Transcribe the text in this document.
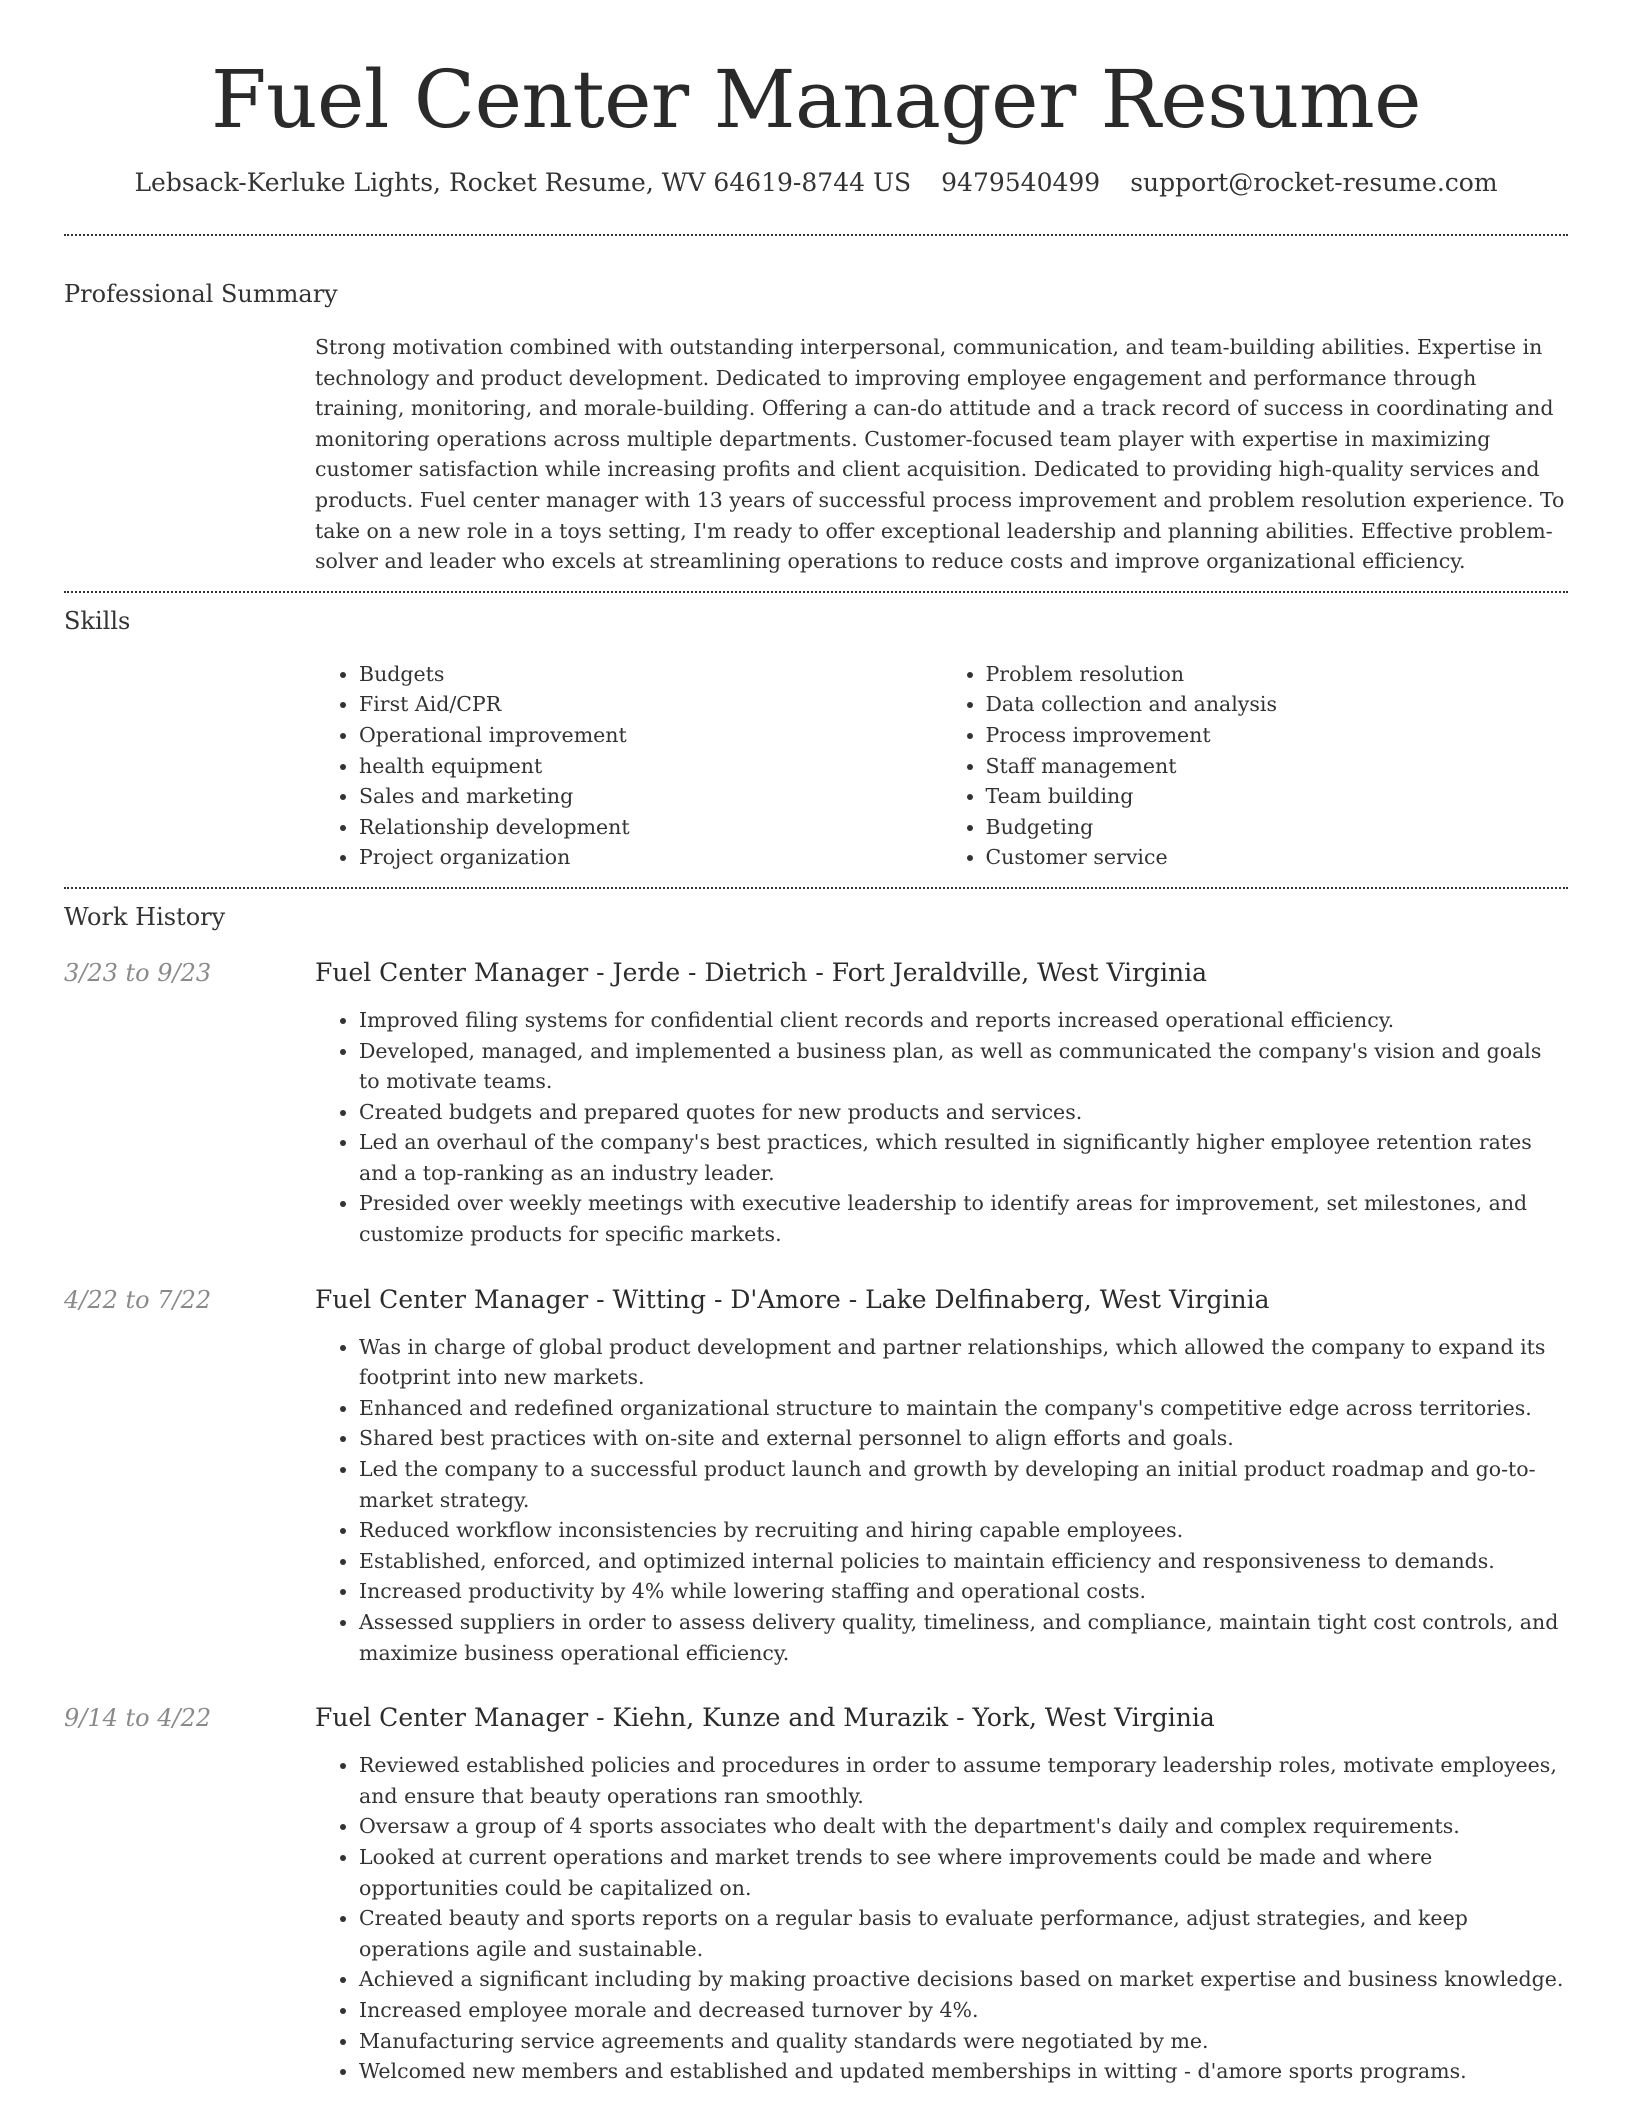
Fuel Center Manager Resume
Lebsack-Kerluke Lights, Rocket Resume, WV 64619-8744 US 9479540499 support@rocket-resume.com
Professional Summary
Strong motivation combined with outstanding interpersonal, communication, and team-building abilities. Expertise in technology and product development. Dedicated to improving employee engagement and performance through training, monitoring, and morale-building. Offering a can-do attitude and a track record of success in coordinating and monitoring operations across multiple departments. Customer-focused team player with expertise in maximizing customer satisfaction while increasing profits and client acquisition. Dedicated to providing high-quality services and products. Fuel center manager with 13 years of successful process improvement and problem resolution experience. To take on a new role in a toys setting, I'm ready to offer exceptional leadership and planning abilities. Effective problem-solver and leader who excels at streamlining operations to reduce costs and improve organizational efficiency.
Skills
• Budgets
• First Aid/CPR
• Operational improvement
• health equipment
• Sales and marketing
• Relationship development
• Project organization
• Problem resolution
• Data collection and analysis
• Process improvement
• Staff management
• Team building
• Budgeting
• Customer service
Work History
3/23 to 9/23	Fuel Center Manager - Jerde - Dietrich - Fort Jeraldville, West Virginia
• Improved filing systems for confidential client records and reports increased operational efficiency.
• Developed, managed, and implemented a business plan, as well as communicated the company's vision and goals to motivate teams.
• Created budgets and prepared quotes for new products and services.
• Led an overhaul of the company's best practices, which resulted in significantly higher employee retention rates and a top-ranking as an industry leader.
• Presided over weekly meetings with executive leadership to identify areas for improvement, set milestones, and customize products for specific markets.
4/22 to 7/22	Fuel Center Manager - Witting - D'Amore - Lake Delfinaberg, West Virginia
• Was in charge of global product development and partner relationships, which allowed the company to expand its footprint into new markets.
• Enhanced and redefined organizational structure to maintain the company's competitive edge across territories.
• Shared best practices with on-site and external personnel to align efforts and goals.
• Led the company to a successful product launch and growth by developing an initial product roadmap and go-to-market strategy.
• Reduced workflow inconsistencies by recruiting and hiring capable employees.
• Established, enforced, and optimized internal policies to maintain efficiency and responsiveness to demands.
• Increased productivity by 4% while lowering staffing and operational costs.
• Assessed suppliers in order to assess delivery quality, timeliness, and compliance, maintain tight cost controls, and maximize business operational efficiency.
9/14 to 4/22	Fuel Center Manager - Kiehn, Kunze and Murazik - York, West Virginia
• Reviewed established policies and procedures in order to assume temporary leadership roles, motivate employees, and ensure that beauty operations ran smoothly.
• Oversaw a group of 4 sports associates who dealt with the department's daily and complex requirements.
• Looked at current operations and market trends to see where improvements could be made and where opportunities could be capitalized on.
• Created beauty and sports reports on a regular basis to evaluate performance, adjust strategies, and keep operations agile and sustainable.
• Achieved a significant including by making proactive decisions based on market expertise and business knowledge.
• Increased employee morale and decreased turnover by 4%.
• Manufacturing service agreements and quality standards were negotiated by me.
• Welcomed new members and established and updated memberships in witting - d'amore sports programs.
